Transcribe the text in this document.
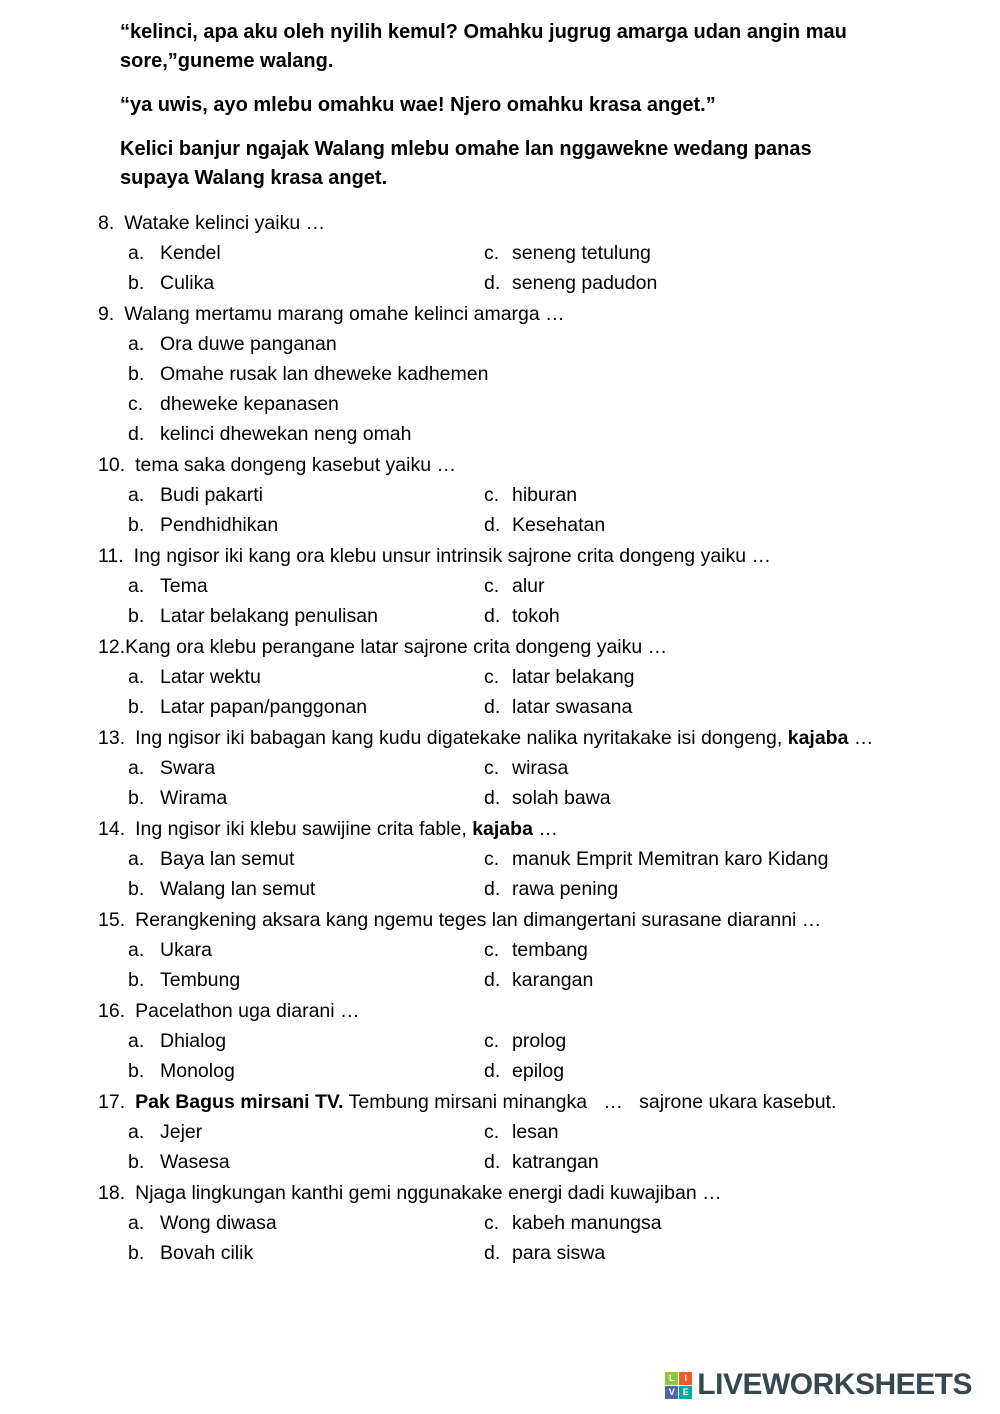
“kelinci, apa aku oleh nyilih kemul? Omahku jugrug amarga udan angin mau sore,”guneme walang.

“ya uwis, ayo mlebu omahku wae! Njero omahku krasa anget.”

Kelici banjur ngajak Walang mlebu omahe lan nggawekne wedang panas supaya Walang krasa anget.

8. Watake kelinci yaiku …
a. Kendel	c. seneng tetulung
b. Culika	d. seneng padudon
9. Walang mertamu marang omahe kelinci amarga …
a. Ora duwe panganan
b. Omahe rusak lan dheweke kadhemen
c. dheweke kepanasen
d. kelinci dhewekan neng omah
10. tema saka dongeng kasebut yaiku …
a. Budi pakarti	c. hiburan
b. Pendhidhikan	d. Kesehatan
11. Ing ngisor iki kang ora klebu unsur intrinsik sajrone crita dongeng yaiku …
a. Tema	c. alur
b. Latar belakang penulisan	d. tokoh
12.Kang ora klebu perangane latar sajrone crita dongeng yaiku …
a. Latar wektu	c. latar belakang
b. Latar papan/panggonan	d. latar swasana
13. Ing ngisor iki babagan kang kudu digatekake nalika nyritakake isi dongeng, kajaba …
a. Swara	c. wirasa
b. Wirama	d. solah bawa
14. Ing ngisor iki klebu sawijine crita fable, kajaba …
a. Baya lan semut	c. manuk Emprit Memitran karo Kidang
b. Walang lan semut	d. rawa pening
15. Rerangkening aksara kang ngemu teges lan dimangertani surasane diaranni …
a. Ukara	c. tembang
b. Tembung	d. karangan
16. Pacelathon uga diarani …
a. Dhialog	c. prolog
b. Monolog	d. epilog
17. Pak Bagus mirsani TV. Tembung mirsani minangka   …   sajrone ukara kasebut.
a. Jejer	c. lesan
b. Wasesa	d. katrangan
18. Njaga lingkungan kanthi gemi nggunakake energi dadi kuwajiban …
a. Wong diwasa	c. kabeh manungsa
b. Bovah cilik	d. para siswa
L	I
V E LIVEWORKSHEETS
